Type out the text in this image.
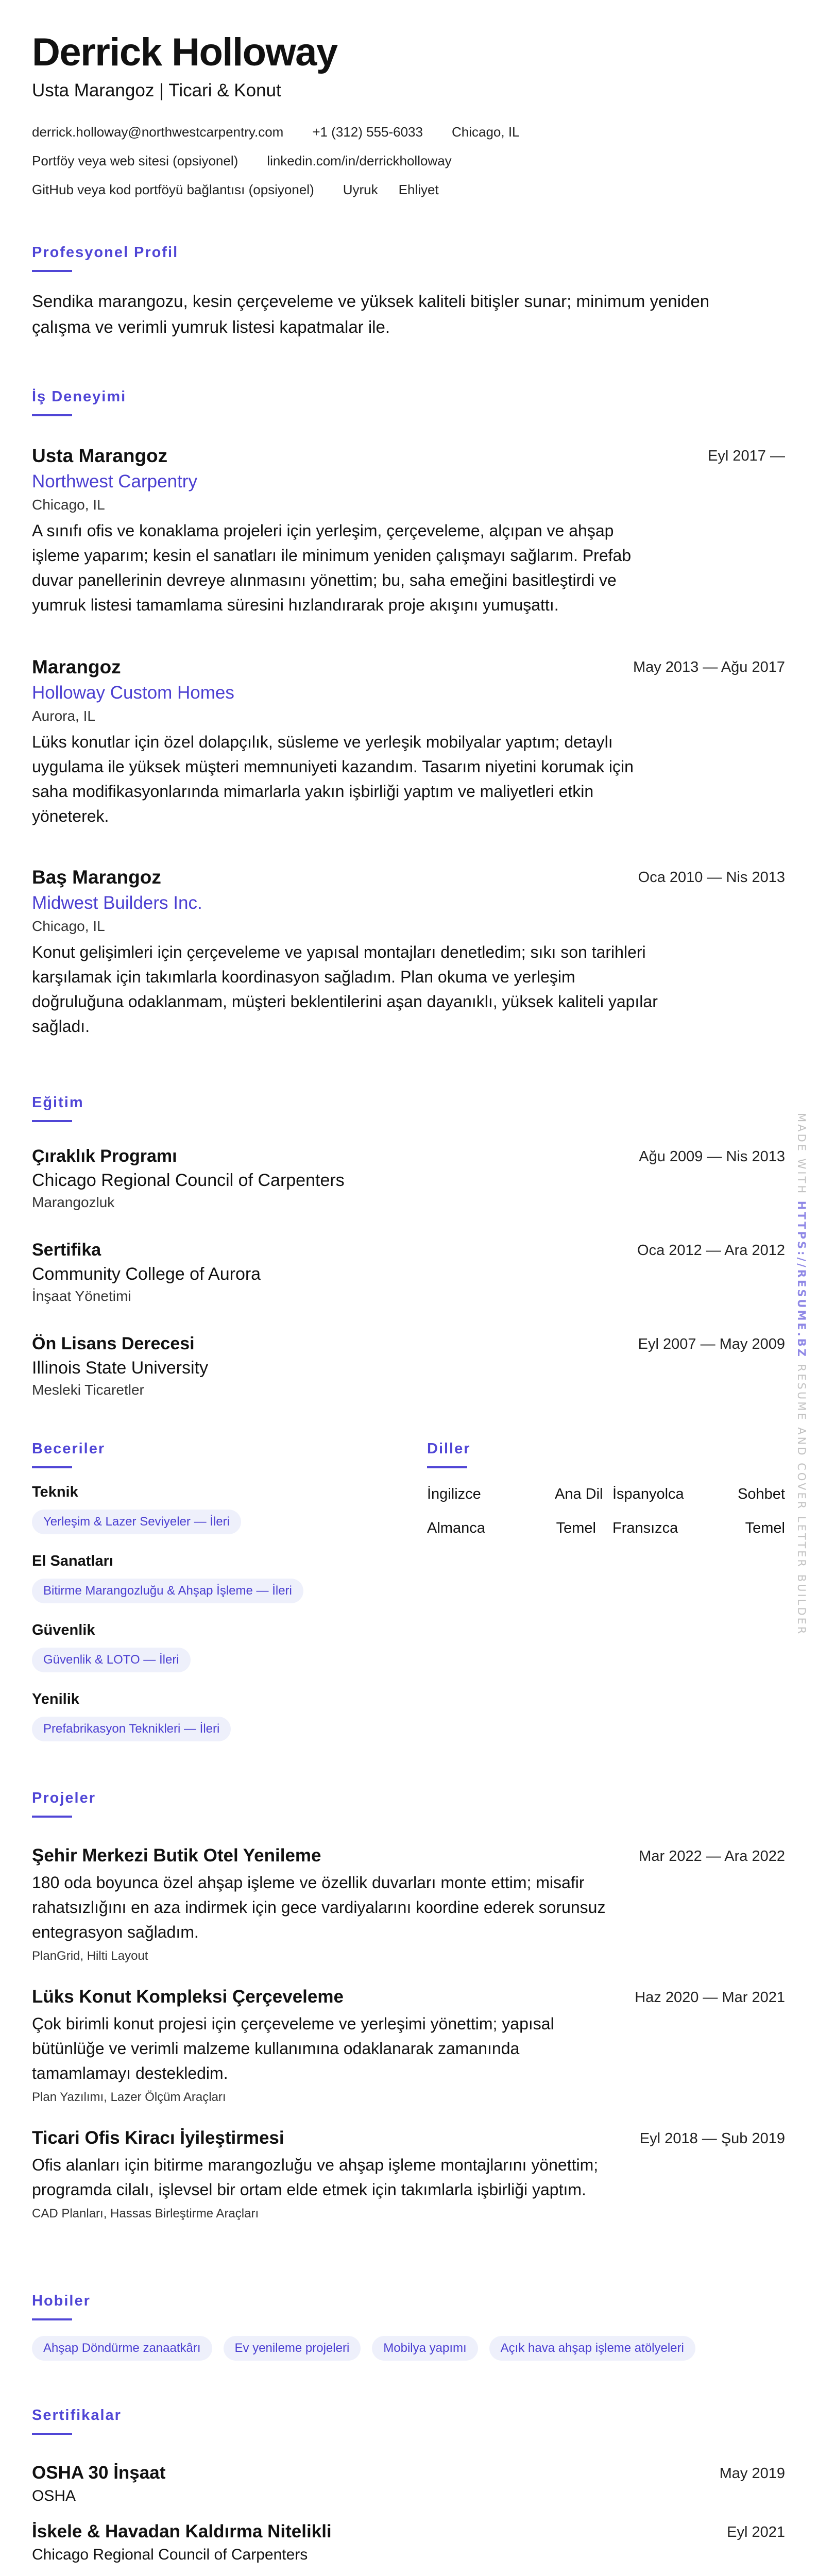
Derrick Holloway
Usta Marangoz | Ticari & Konut
derrick.holloway@northwestcarpentry.com +1 (312) 555-6033 Chicago, IL
Portföy veya web sitesi (opsiyonel) linkedin.com/in/derrickholloway
GitHub veya kod portföyü bağlantısı (opsiyonel) Uyruk Ehliyet
Profesyonel Profil
Sendika marangozu, kesin çerçeveleme ve yüksek kaliteli bitişler sunar; minimum yeniden çalışma ve verimli yumruk listesi kapatmalar ile.
İş Deneyimi
Usta Marangoz	Eyl 2017 —
Northwest Carpentry
Chicago, IL
A sınıfı ofis ve konaklama projeleri için yerleşim, çerçeveleme, alçıpan ve ahşap işleme yaparım; kesin el sanatları ile minimum yeniden çalışmayı sağlarım. Prefab duvar panellerinin devreye alınmasını yönettim; bu, saha emeğini basitleştirdi ve yumruk listesi tamamlama süresini hızlandırarak proje akışını yumuşattı.
Marangoz	May 2013 — Ağu 2017
Holloway Custom Homes
Aurora, IL
Lüks konutlar için özel dolapçılık, süsleme ve yerleşik mobilyalar yaptım; detaylı uygulama ile yüksek müşteri memnuniyeti kazandım. Tasarım niyetini korumak için saha modifikasyonlarında mimarlarla yakın işbirliği yaptım ve maliyetleri etkin yöneterek.
Baş Marangoz	Oca 2010 — Nis 2013
Midwest Builders Inc.
Chicago, IL
Konut gelişimleri için çerçeveleme ve yapısal montajları denetledim; sıkı son tarihleri karşılamak için takımlarla koordinasyon sağladım. Plan okuma ve yerleşim doğruluğuna odaklanmam, müşteri beklentilerini aşan dayanıklı, yüksek kaliteli yapılar sağladı.
Eğitim
Çıraklık Programı	Ağu 2009 — Nis 2013
Chicago Regional Council of Carpenters
Marangozluk
Sertifika	Oca 2012 — Ara 2012
Community College of Aurora
İnşaat Yönetimi
Ön Lisans Derecesi	Eyl 2007 — May 2009
Illinois State University
Mesleki Ticaretler
Beceriler
Teknik
Yerleşim & Lazer Seviyeler — İleri
El Sanatları
Bitirme Marangozluğu & Ahşap İşleme — İleri
Güvenlik
Güvenlik & LOTO — İleri
Yenilik
Prefabrikasyon Teknikleri — İleri
Diller
İngilizce	Ana Dil İspanyolca	Sohbet
Almanca	Temel Fransızca	Temel
Projeler
Şehir Merkezi Butik Otel Yenileme	Mar 2022 — Ara 2022
180 oda boyunca özel ahşap işleme ve özellik duvarları monte ettim; misafir rahatsızlığını en aza indirmek için gece vardiyalarını koordine ederek sorunsuz entegrasyon sağladım.
PlanGrid, Hilti Layout
Lüks Konut Kompleksi Çerçeveleme	Haz 2020 — Mar 2021
Çok birimli konut projesi için çerçeveleme ve yerleşimi yönettim; yapısal bütünlüğe ve verimli malzeme kullanımına odaklanarak zamanında tamamlamayı destekledim.
Plan Yazılımı, Lazer Ölçüm Araçları
Ticari Ofis Kiracı İyileştirmesi	Eyl 2018 — Şub 2019
Ofis alanları için bitirme marangozluğu ve ahşap işleme montajlarını yönettim; programda cilalı, işlevsel bir ortam elde etmek için takımlarla işbirliği yaptım.
CAD Planları, Hassas Birleştirme Araçları
Hobiler
Ahşap Döndürme zanaatkârı	Ev yenileme projeleri	Mobilya yapımı	Açık hava ahşap işleme atölyeleri
Sertifikalar
OSHA 30 İnşaat	May 2019
OSHA
İskele & Havadan Kaldırma Nitelikli	Eyl 2021
Chicago Regional Council of Carpenters
MADE WITH HTTPS://RESUME.BZ RESUME AND COVER LETTER BUILDER
